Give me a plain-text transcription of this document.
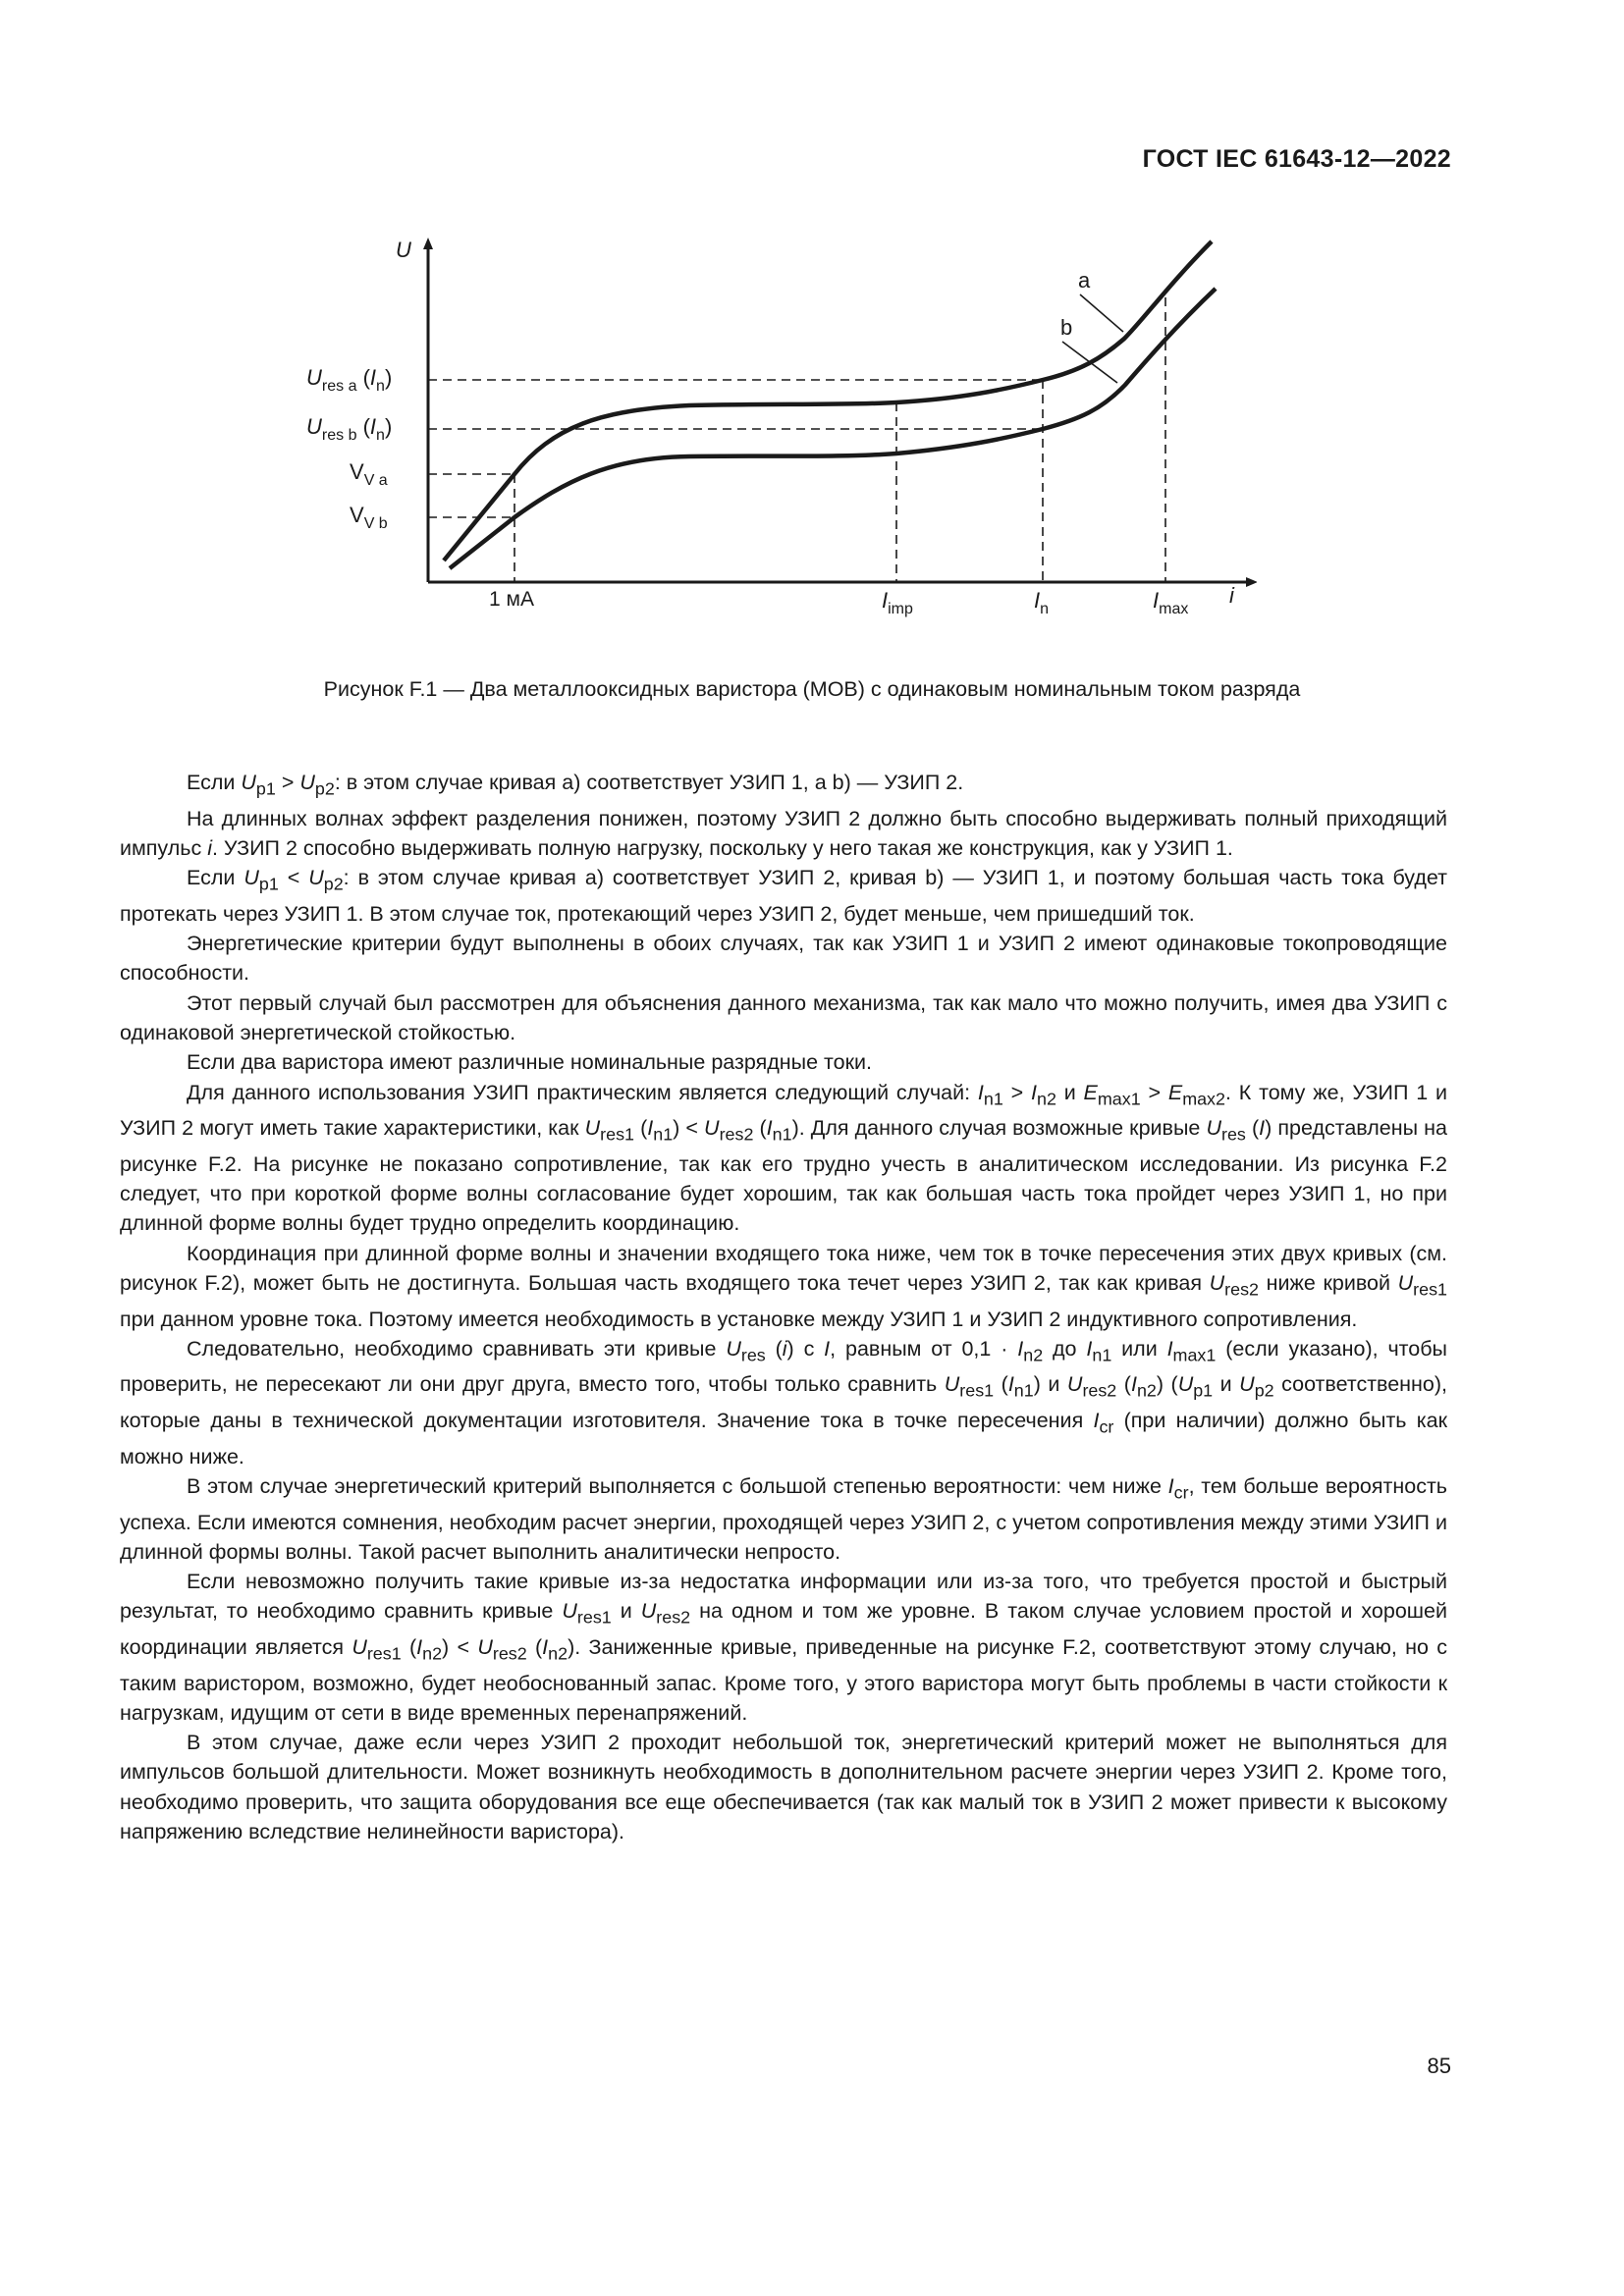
ГОСТ IEC 61643-12—2022
U
i
a
b
$U_{res a}$ $(I_n)$
$U_{res b}$ $(I_n)$
$V_{V a}$
$V_{V b}$
1 мА	$I_{imp}$	$I_n$	$I_{max}$
Рисунок F.1 — Два металлооксидных варистора (MOB) с одинаковым номинальным током разряда

Если $U_{p1} > U_{p2}$: в этом случае кривая a) соответствует УЗИП 1, а b) — УЗИП 2.

На длинных волнах эффект разделения понижен, поэтому УЗИП 2 должно быть способно выдерживать полный приходящий импульс i. УЗИП 2 способно выдерживать полную нагрузку, поскольку у него такая же конструкция, как у УЗИП 1.

Если $U_{p1} < U_{p2}$: в этом случае кривая a) соответствует УЗИП 2, кривая b) — УЗИП 1, и поэтому большая часть тока будет протекать через УЗИП 1. В этом случае ток, протекающий через УЗИП 2, будет меньше, чем пришедший ток.

Энергетические критерии будут выполнены в обоих случаях, так как УЗИП 1 и УЗИП 2 имеют одинаковые токопроводящие способности.

Этот первый случай был рассмотрен для объяснения данного механизма, так как мало что можно получить, имея два УЗИП с одинаковой энергетической стойкостью.

Если два варистора имеют различные номинальные разрядные токи.

Для данного использования УЗИП практическим является следующий случай: $I_{n1} > I_{n2}$ и $E_{max1} > E_{max2}$. К тому же, УЗИП 1 и УЗИП 2 могут иметь такие характеристики, как $U_{res1}$ $(I_{n1}) < U_{res2}$ $(I_{n1})$. Для данного случая возможные кривые $U_{res}$ (I) представлены на рисунке F.2. На рисунке не показано сопротивление, так как его трудно учесть в аналитическом исследовании. Из рисунка F.2 следует, что при короткой форме волны согласование будет хорошим, так как большая часть тока пройдет через УЗИП 1, но при длинной форме волны будет трудно определить координацию.

Координация при длинной форме волны и значении входящего тока ниже, чем ток в точке пересечения этих двух кривых (см. рисунок F.2), может быть не достигнута. Большая часть входящего тока течет через УЗИП 2, так как кривая $U_{res2}$ ниже кривой $U_{res1}$ при данном уровне тока. Поэтому имеется необходимость в установке между УЗИП 1 и УЗИП 2 индуктивного сопротивления.

Следовательно, необходимо сравнивать эти кривые $U_{res}$ (i) с I, равным от $0,1 \cdot I_{n2}$ до $I_{n1}$ или $I_{max1}$ (если указано), чтобы проверить, не пересекают ли они друг друга, вместо того, чтобы только сравнить $U_{res1}$ $(I_{n1})$ и $U_{res2}$ $(I_{n2})$ ($U_{p1}$ и $U_{p2}$ соответственно), которые даны в технической документации изготовителя. Значение тока в точке пересечения $I_{cr}$ (при наличии) должно быть как можно ниже.

В этом случае энергетический критерий выполняется с большой степенью вероятности: чем ниже $I_{cr}$, тем больше вероятность успеха. Если имеются сомнения, необходим расчет энергии, проходящей через УЗИП 2, с учетом сопротивления между этими УЗИП и длинной формы волны. Такой расчет выполнить аналитически непросто.

Если невозможно получить такие кривые из-за недостатка информации или из-за того, что требуется простой и быстрый результат, то необходимо сравнить кривые $U_{res1}$ и $U_{res2}$ на одном и том же уровне. В таком случае условием простой и хорошей координации является $U_{res1}$ $(I_{n2}) < U_{res2}$ $(I_{n2})$. Заниженные кривые, приведенные на рисунке F.2, соответствуют этому случаю, но с таким варистором, возможно, будет необоснованный запас. Кроме того, у этого варистора могут быть проблемы в части стойкости к нагрузкам, идущим от сети в виде временных перенапряжений.

В этом случае, даже если через УЗИП 2 проходит небольшой ток, энергетический критерий может не выполняться для импульсов большой длительности. Может возникнуть необходимость в дополнительном расчете энергии через УЗИП 2. Кроме того, необходимо проверить, что защита оборудования все еще обеспечивается (так как малый ток в УЗИП 2 может привести к высокому напряжению вследствие нелинейности варистора).

85
